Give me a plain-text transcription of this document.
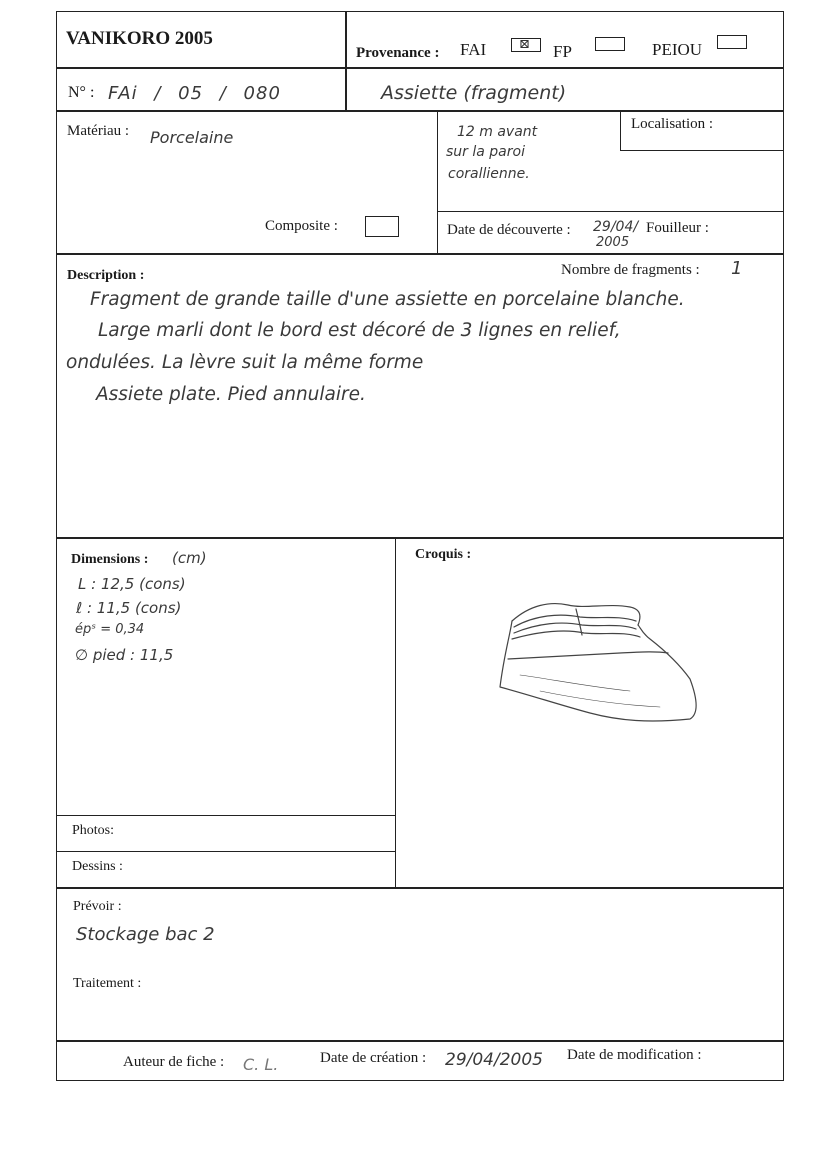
VANIKORO 2005
Provenance : FAI	⊠ FP	PEIOU
N° : FAi / 05 / 080	Assiette (fragment)
Matériau : Porcelaine
Composite :
12 m avant
sur la paroi
corallienne.
Localisation :
Date de découverte : 29/04/
2005
Fouilleur :
Description :	Nombre de fragments : 1
Fragment de grande taille d'une assiette en porcelaine blanche.
Large marli dont le bord est décoré de 3 lignes en relief,
ondulées. La lèvre suit la même forme
Assiete plate. Pied annulaire.
Dimensions : (cm)
L : 12,5 (cons)
ℓ : 11,5 (cons)
épˢ = 0,34
∅ pied : 11,5
Croquis :
Photos:
Dessins :
Prévoir :
Stockage bac 2
Traitement :
Auteur de fiche : C. L.	Date de création : 29/04/2005 Date de modification :
